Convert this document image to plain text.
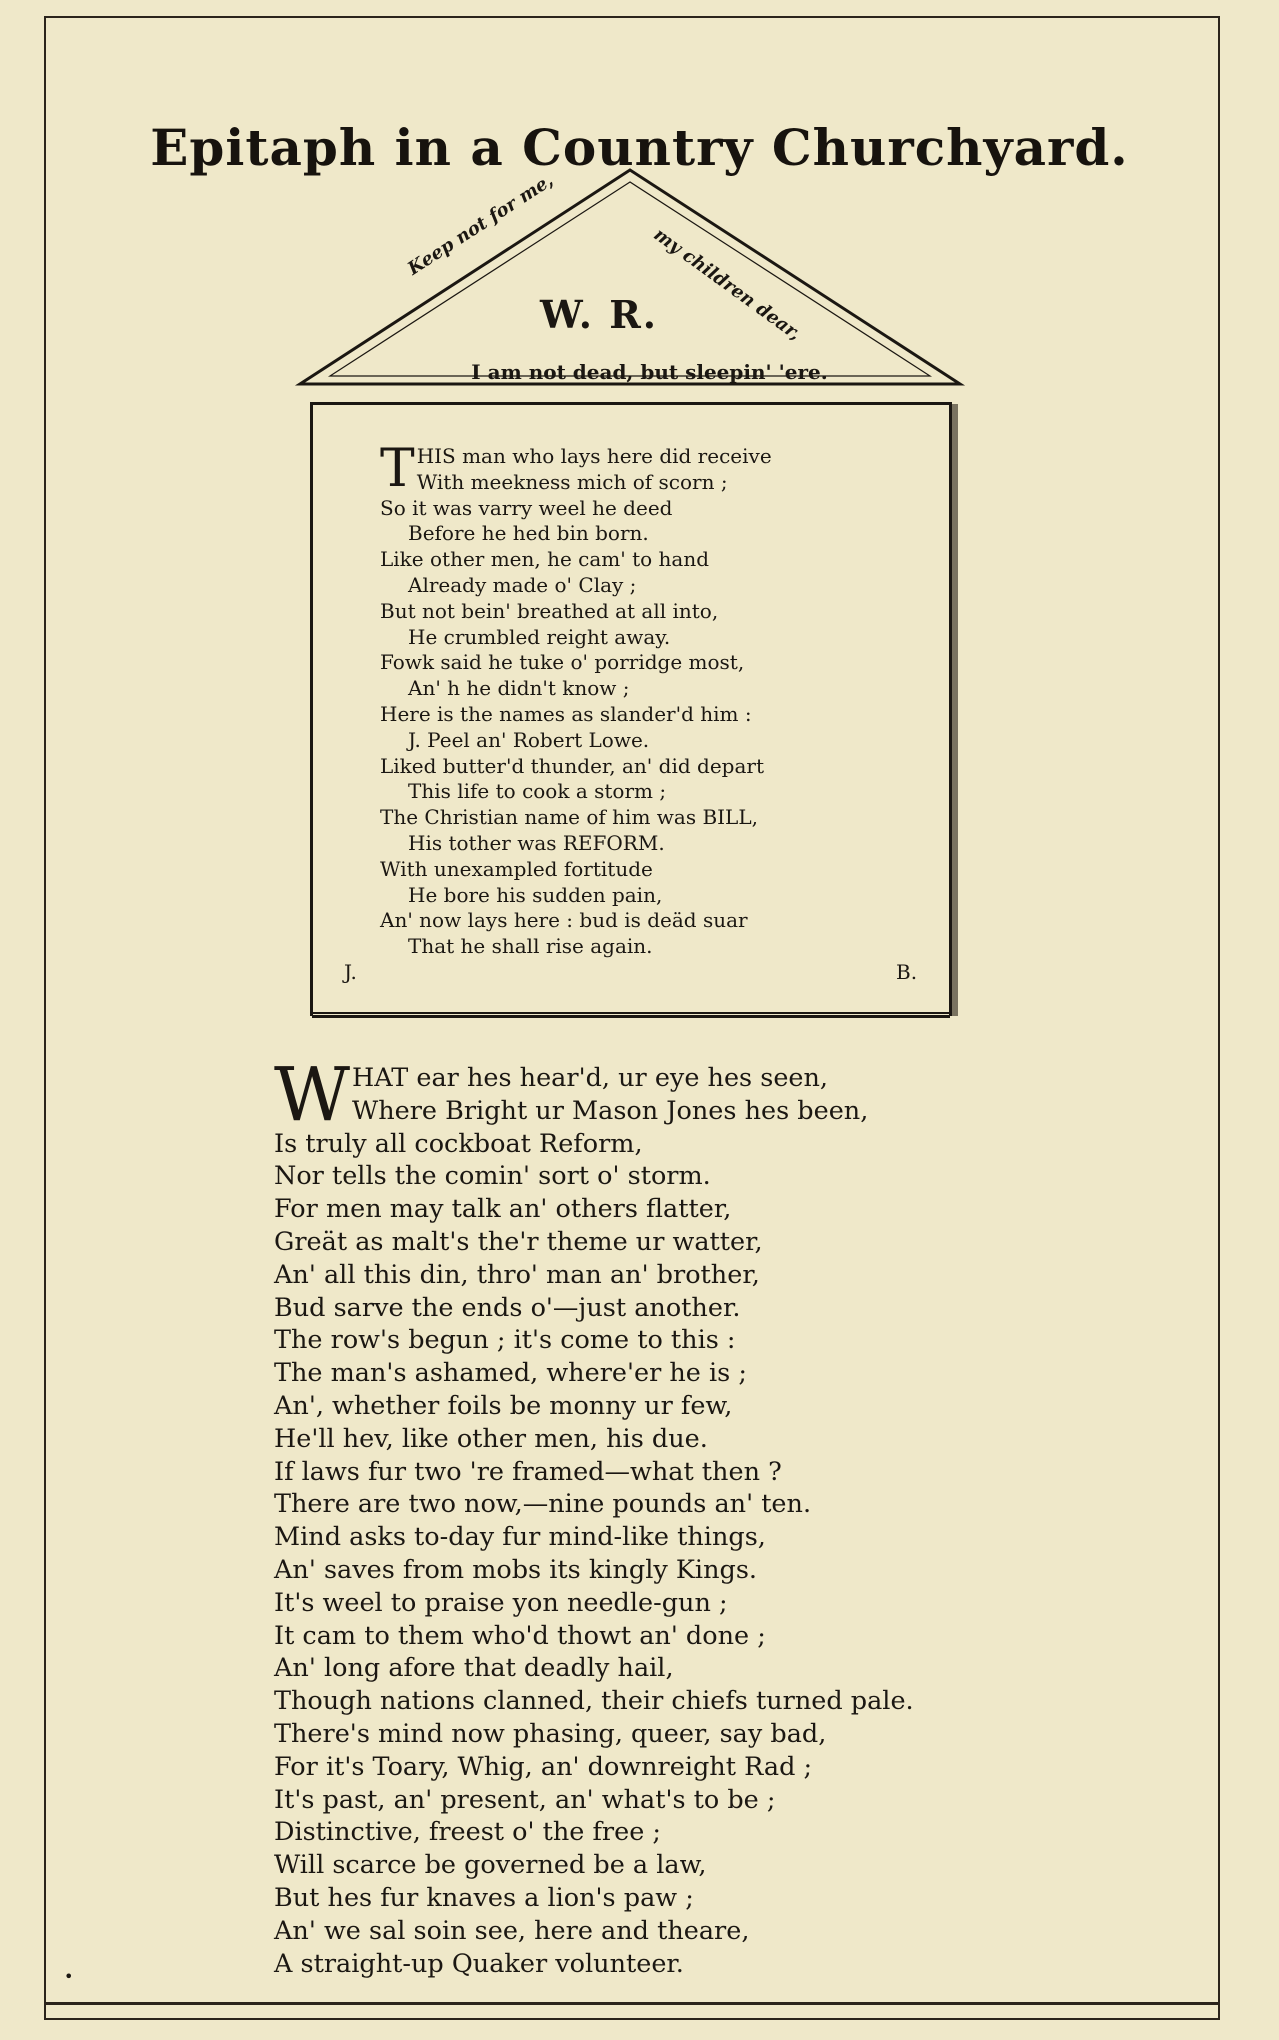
Epitaph in a Country Churchyard.
Keep not for me,	my children dear,
W. R.
I am not dead, but sleepin' 'ere.
T HIS man who lays here did receive
With meekness mich of scorn ;
So it was varry weel he deed
Before he hed bin born.
Like other men, he cam' to hand
Already made o' Clay ;
But not bein' breathed at all into,
He crumbled reight away.
Fowk said he tuke o' porridge most,
An' h he didn't know ;
Here is the names as slander'd him :
J. Peel an' Robert Lowe.
Liked butter'd thunder, an' did depart
This life to cook a storm ;
The Christian name of him was BILL,
His tother was REFORM.
With unexampled fortitude
He bore his sudden pain,
An' now lays here : bud is deäd suar
That he shall rise again.
J.	B.
W HAT ear hes hear'd, ur eye hes seen,
Where Bright ur Mason Jones hes been,
Is truly all cockboat Reform,
Nor tells the comin' sort o' storm.
For men may talk an' others flatter,
Greät as malt's the'r theme ur watter,
An' all this din, thro' man an' brother,
Bud sarve the ends o'—just another.
The row's begun ; it's come to this :
The man's ashamed, where'er he is ;
An', whether foils be monny ur few,
He'll hev, like other men, his due.
If laws fur two 're framed—what then ?
There are two now,—nine pounds an' ten.
Mind asks to-day fur mind-like things,
An' saves from mobs its kingly Kings.
It's weel to praise yon needle-gun ;
It cam to them who'd thowt an' done ;
An' long afore that deadly hail,
Though nations clanned, their chiefs turned pale.
There's mind now phasing, queer, say bad,
For it's Toary, Whig, an' downreight Rad ;
It's past, an' present, an' what's to be ;
Distinctive, freest o' the free ;
Will scarce be governed be a law,
But hes fur knaves a lion's paw ;
An' we sal soin see, here and theare,
A straight-up Quaker volunteer.
•
